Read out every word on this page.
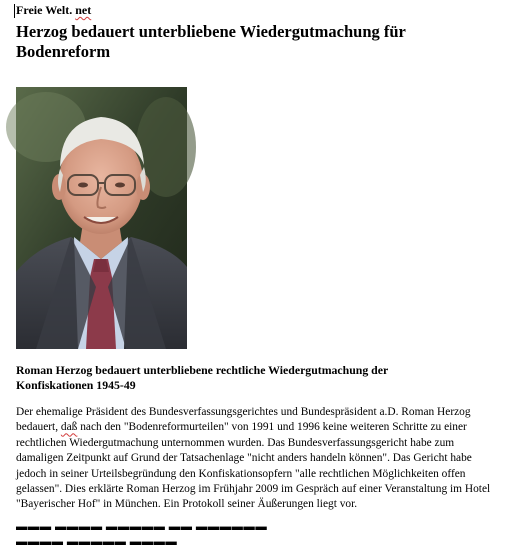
Freie Welt. net
Herzog bedauert unterbliebene Wiedergutmachung für
Bodenreform
Roman Herzog bedauert unterbliebene rechtliche Wiedergutmachung der
Konfiskationen 1945-49

Der ehemalige Präsident des Bundesverfassungsgerichtes und Bundespräsident a.D. Roman Herzog bedauert, daß nach den "Bodenreformurteilen" von 1991 und 1996 keine weiteren Schritte zu einer rechtlichen Wiedergutmachung unternommen wurden. Das Bundesverfassungsgericht habe zum damaligen Zeitpunkt auf Grund der Tatsachenlage "nicht anders handeln können". Das Gericht habe jedoch in seiner Urteilsbegründung den Konfiskationsopfern "alle rechtlichen Möglichkeiten offen gelassen". Dies erklärte Roman Herzog im Frühjahr 2009 im Gespräch auf einer Veranstaltung im Hotel "Bayerischer Hof" in München. Ein Protokoll seiner Äußerungen liegt vor.

▬▬▬ ▬▬▬▬ ▬▬▬▬▬ ▬▬ ▬▬▬▬▬▬ ▬▬▬▬ ▬▬▬▬▬ ▬▬▬▬
